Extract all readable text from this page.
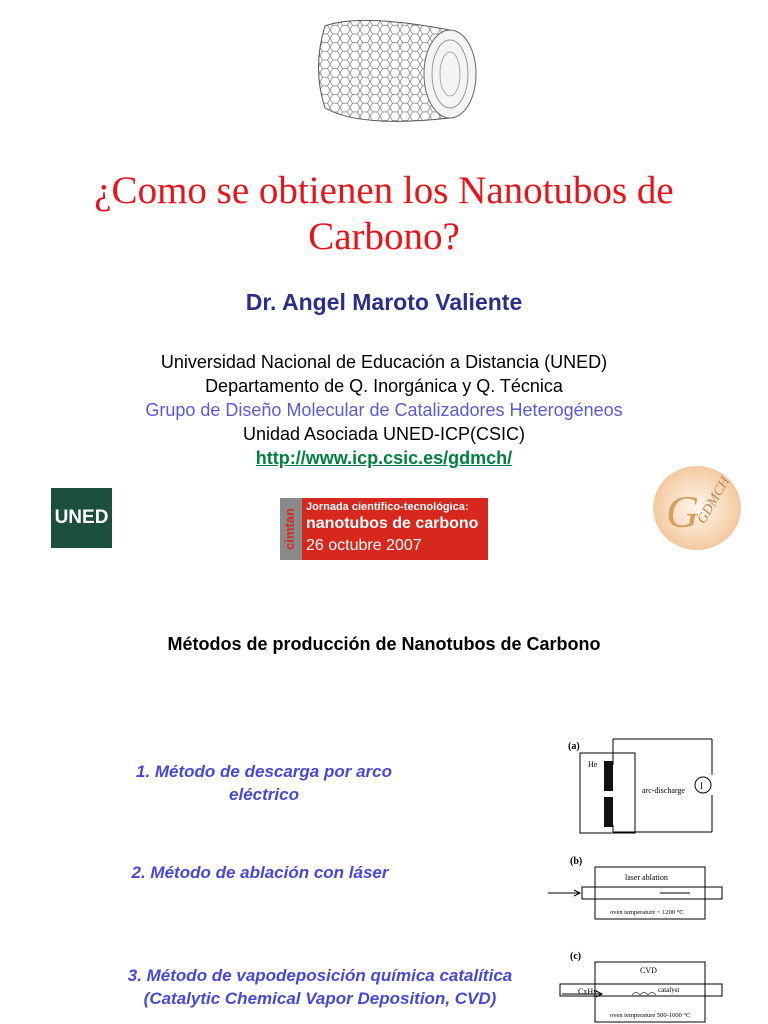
¿Como se obtienen los Nanotubos de Carbono?
Dr. Angel Maroto Valiente
Universidad Nacional de Educación a Distancia (UNED)
Departamento de Q. Inorgánica y Q. Técnica
Grupo de Diseño Molecular de Catalizadores Heterogéneos
Unidad Asociada UNED-ICP(CSIC)
http://www.icp.csic.es/gdmch/
UNED	cimtan
Jornada científico-tecnológica:
nanotubos de carbono
26 octubre 2007
G
GDMCH
Métodos de producción de Nanotubos de Carbono
1. Método de descarga por arco
eléctrico
2. Método de ablación con láser
3. Método de vapodeposición química catalítica
(Catalytic Chemical Vapor Deposition, CVD)
(a)
He
I
arc-discharge
(b)
laser ablation
oven temperature ~ 1200 °C
(c)
CVD
CxHy	catalyst
oven temperature 500-1000 °C
